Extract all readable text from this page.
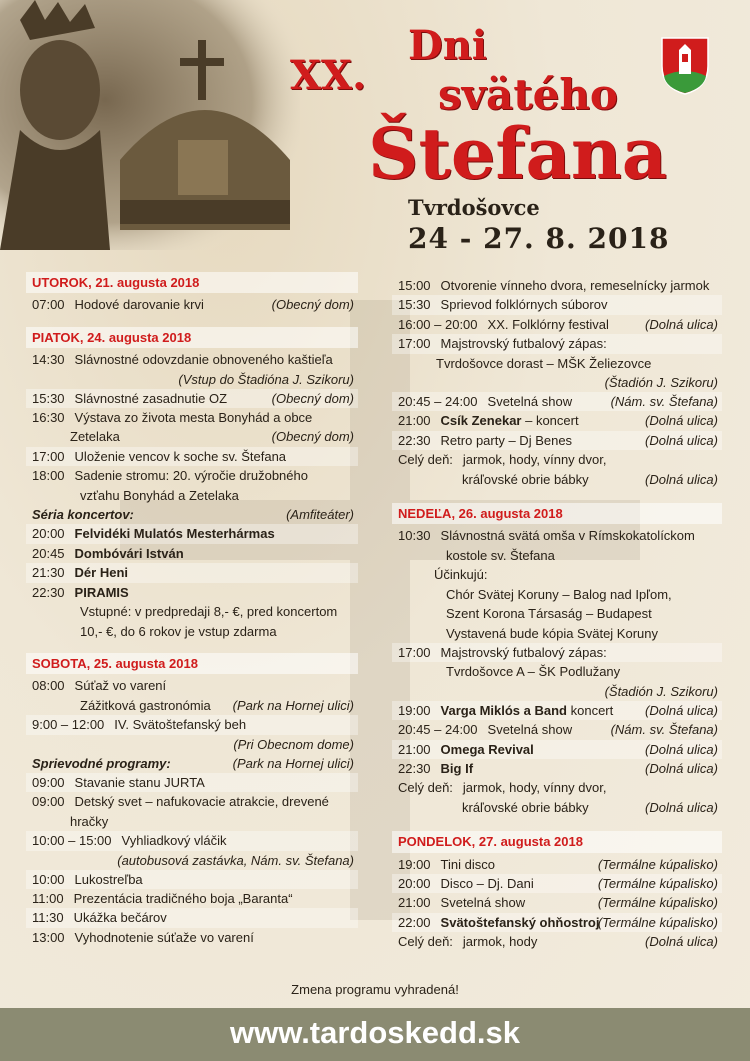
XX.
Dni
svätého
Štefana
Tvrdošovce
24 - 27. 8. 2018
UTOROK, 21. augusta 2018
07:00 Hodové darovanie krvi	(Obecný dom)
PIATOK, 24. augusta 2018
14:30 Slávnostné odovzdanie obnoveného kaštieľa
(Vstup do Štadióna J. Szikoru)
15:30 Slávnostné zasadnutie OZ	(Obecný dom)
16:30 Výstava zo života mesta Bonyhád a obce
Zetelaka	(Obecný dom)
17:00 Uloženie vencov k soche sv. Štefana
18:00 Sadenie stromu: 20. výročie družobného
vzťahu Bonyhád a Zetelaka
Séria koncertov:	(Amfiteáter)
20:00 Felvidéki Mulatós Mesterhármas
20:45 Dombóvári István
21:30 Dér Heni
22:30 PIRAMIS
Vstupné: v predpredaji 8,- €, pred koncertom
10,- €, do 6 rokov je vstup zdarma
SOBOTA, 25. augusta 2018
08:00 Súťaž vo varení
Zážitková gastronómia	(Park na Hornej ulici)
9:00 – 12:00 IV. Svätoštefanský beh
(Pri Obecnom dome)
Sprievodné programy:	(Park na Hornej ulici)
09:00 Stavanie stanu JURTA
09:00 Detský svet – nafukovacie atrakcie, drevené
hračky
10:00 – 15:00 Vyhliadkový vláčik
(autobusová zastávka, Nám. sv. Štefana)
10:00 Lukostreľba
11:00 Prezentácia tradičného boja „Baranta“
11:30 Ukážka bečárov
13:00 Vyhodnotenie súťaže vo varení
15:00 Otvorenie vínneho dvora, remeselnícky jarmok
15:30 Sprievod folklórnych súborov
16:00 – 20:00 XX. Folklórny festival	(Dolná ulica)
17:00 Majstrovský futbalový zápas:
Tvrdošovce dorast – MŠK Želiezovce
(Štadión J. Szikoru)
20:45 – 24:00 Svetelná show	(Nám. sv. Štefana)
21:00 Csík Zenekar – koncert	(Dolná ulica)
22:30 Retro party – Dj Benes	(Dolná ulica)
Celý deň: jarmok, hody, vínny dvor,
kráľovské obrie bábky	(Dolná ulica)
NEDEĽA, 26. augusta 2018
10:30 Slávnostná svätá omša v Rímskokatolíckom
kostole sv. Štefana
Účinkujú:
Chór Svätej Koruny – Balog nad Ipľom,
Szent Korona Társaság – Budapest
Vystavená bude kópia Svätej Koruny
17:00 Majstrovský futbalový zápas:
Tvrdošovce A – ŠK Podlužany
(Štadión J. Szikoru)
19:00 Varga Miklós a Band koncert	(Dolná ulica)
20:45 – 24:00 Svetelná show	(Nám. sv. Štefana)
21:00 Omega Revival	(Dolná ulica)
22:30 Big If	(Dolná ulica)
Celý deň: jarmok, hody, vínny dvor,
kráľovské obrie bábky	(Dolná ulica)
PONDELOK, 27. augusta 2018
19:00 Tini disco	(Termálne kúpalisko)
20:00 Disco – Dj. Dani	(Termálne kúpalisko)
21:00 Svetelná show	(Termálne kúpalisko)
22:00 Svätoštefanský ohňostroj
(Termálne kúpalisko)
Celý deň: jarmok, hody	(Dolná ulica)
Zmena programu vyhradená!
www.tardoskedd.sk
